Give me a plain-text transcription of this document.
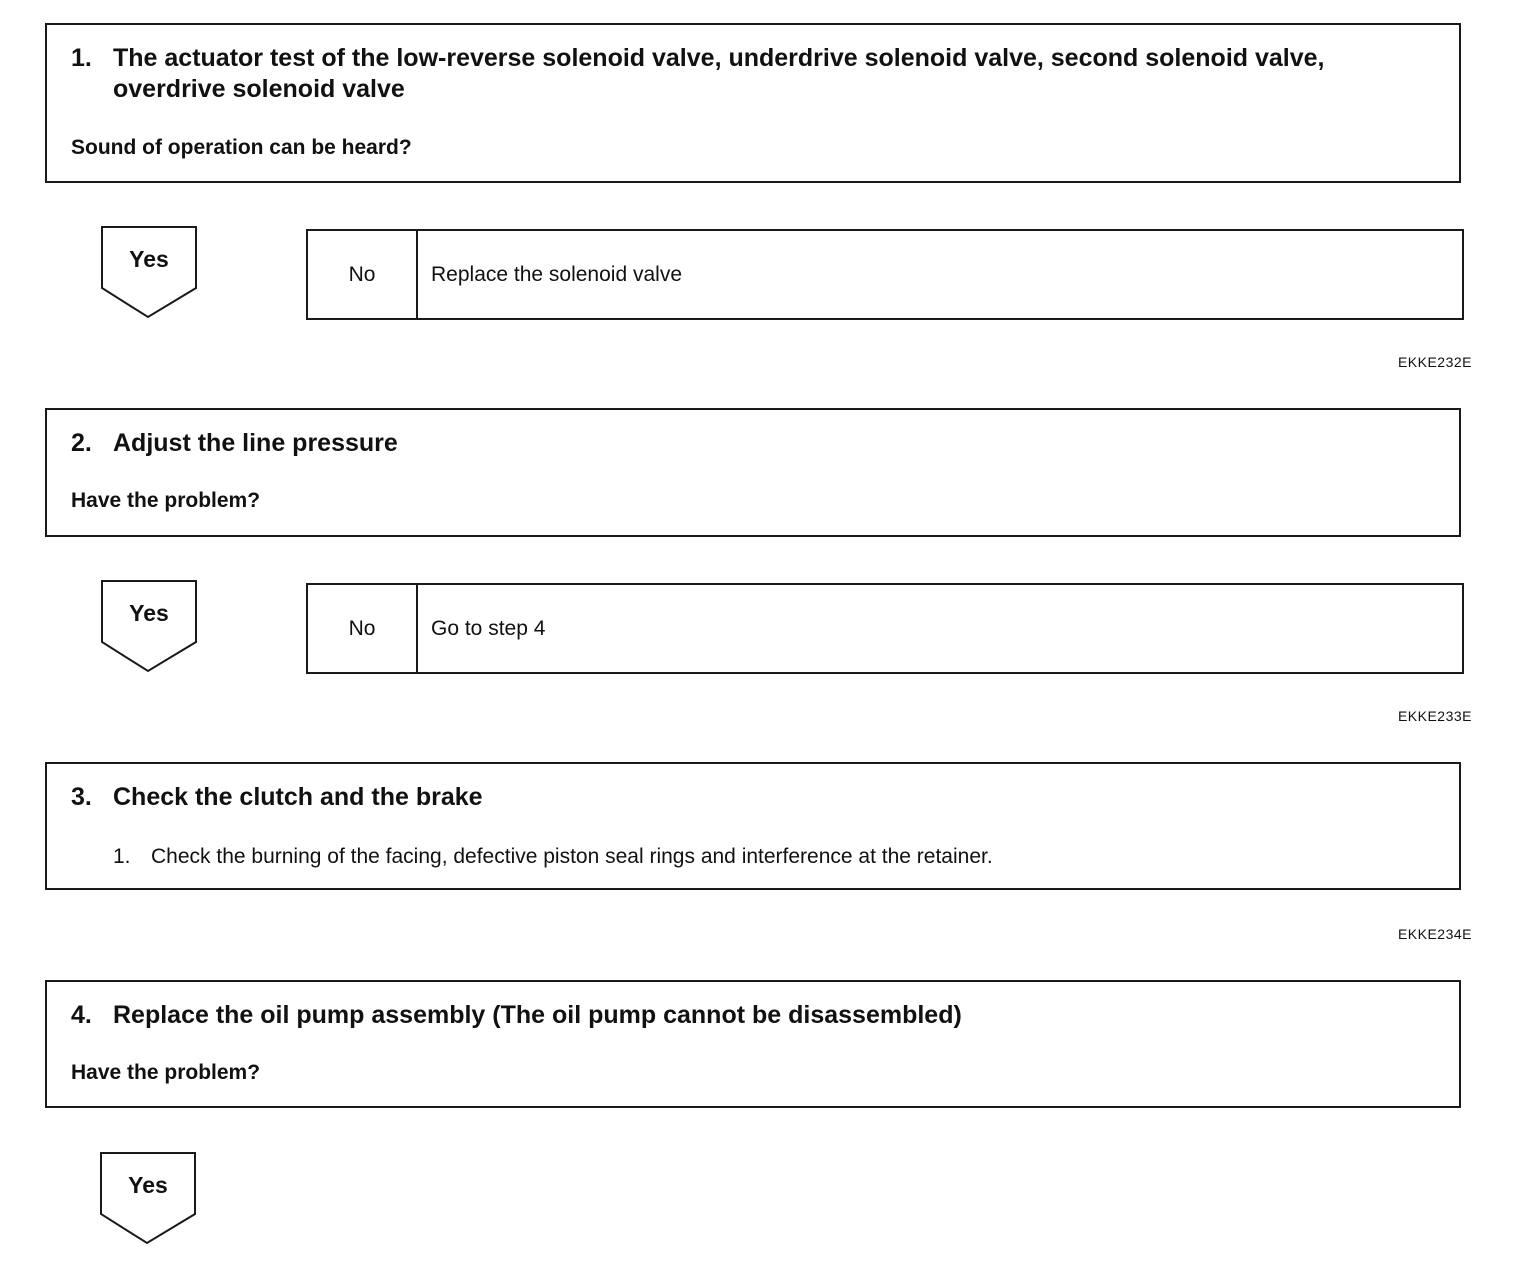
1. The actuator test of the low-reverse solenoid valve, underdrive solenoid valve, second solenoid valve, overdrive solenoid valve
Sound of operation can be heard?
Yes
No	Replace the solenoid valve
EKKE232E
2. Adjust the line pressure
Have the problem?
Yes
No	Go to step 4
EKKE233E
3. Check the clutch and the brake
1. Check the burning of the facing, defective piston seal rings and interference at the retainer.
EKKE234E
4. Replace the oil pump assembly (The oil pump cannot be disassembled)
Have the problem?
Yes
